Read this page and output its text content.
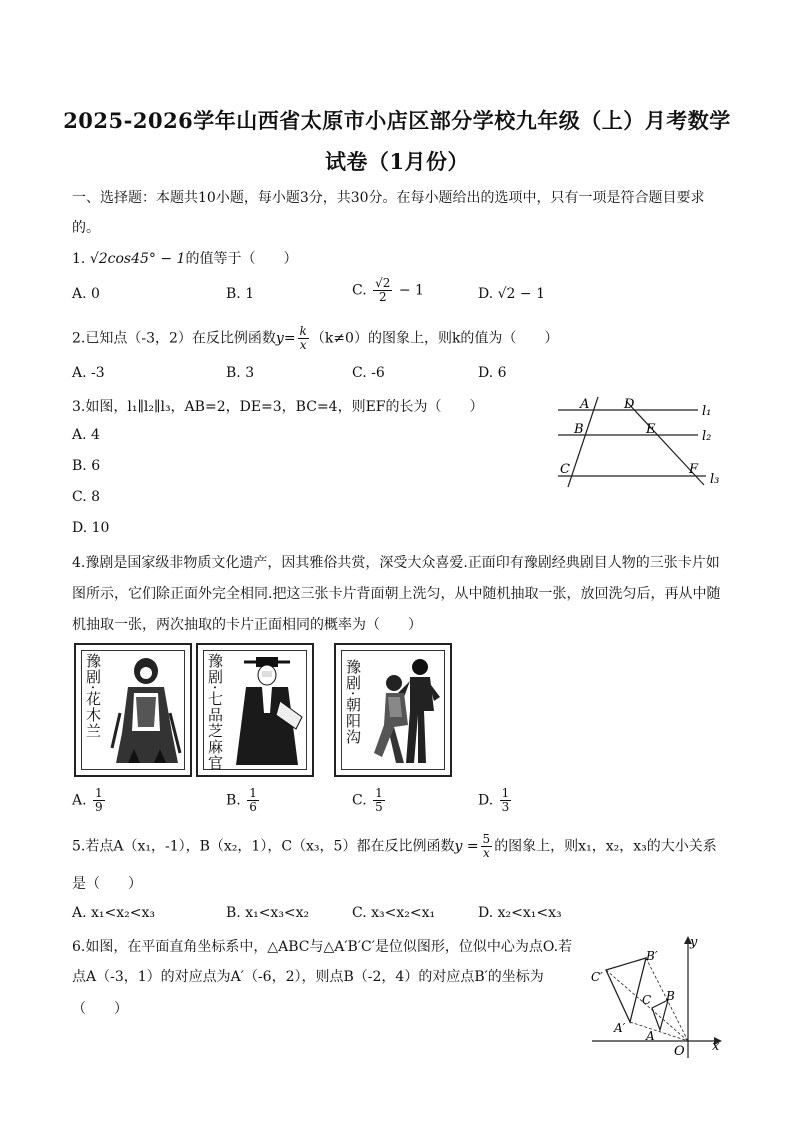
2025-2026学年山西省太原市小店区部分学校九年级（上）月考数学
试卷（1月份）
一、选择题：本题共10小题，每小题3分，共30分。在每小题给出的选项中，只有一项是符合题目要求
的。
1. √2cos45° − 1的值等于（　　）
A. 0	B. 1	C. $\frac{√2}{2} - 1$	D. √2 − 1
2.已知点（-3，2）在反比例函数$y= \frac{k}{x} (k\ne 0)$的图象上，则k的值为（　　）
A. -3	B. 3	C. -6	D. 6
3.如图，l₁∥l₂∥l₃，AB=2，DE=3，BC=4，则EF的长为（　　）
A. 4
B. 6
C. 8
D. 10
A	D
B	E
C	F
l₁
l₂
l₃
4.豫剧是国家级非物质文化遗产，因其雅俗共赏，深受大众喜爱.正面印有豫剧经典剧目人物的三张卡片如
图所示，它们除正面外完全相同.把这三张卡片背面朝上洗匀，从中随机抽取一张，放回洗匀后，再从中随
机抽取一张，两次抽取的卡片正面相同的概率为（　　）
豫剧·花木兰	豫剧·七品芝麻官	豫剧·朝阳沟
A. $\frac{1}{9}$	B. $\frac{1}{6}$	C. $\frac{1}{5}$	D. $\frac{1}{3}$
5.若点A（x₁，-1），B（x₂，1），C（x₃，5）都在反比例函数$y = \frac{5}{x}$ 的图象上，则x₁，x₂，x₃的大小关系
是（　　）
A. x₁<x₂<x₃	B. x₁<x₃<x₂	C. x₃<x₂<x₁	D. x₂<x₁<x₃
6.如图，在平面直角坐标系中，△ABC与△A′B′C′是位似图形，位似中心为点O.若
点A（-3，1）的对应点为A′（-6，2），则点B（-2，4）的对应点B′的坐标为
（　　）
y
x
O
C′
B′
A′
C B
A
